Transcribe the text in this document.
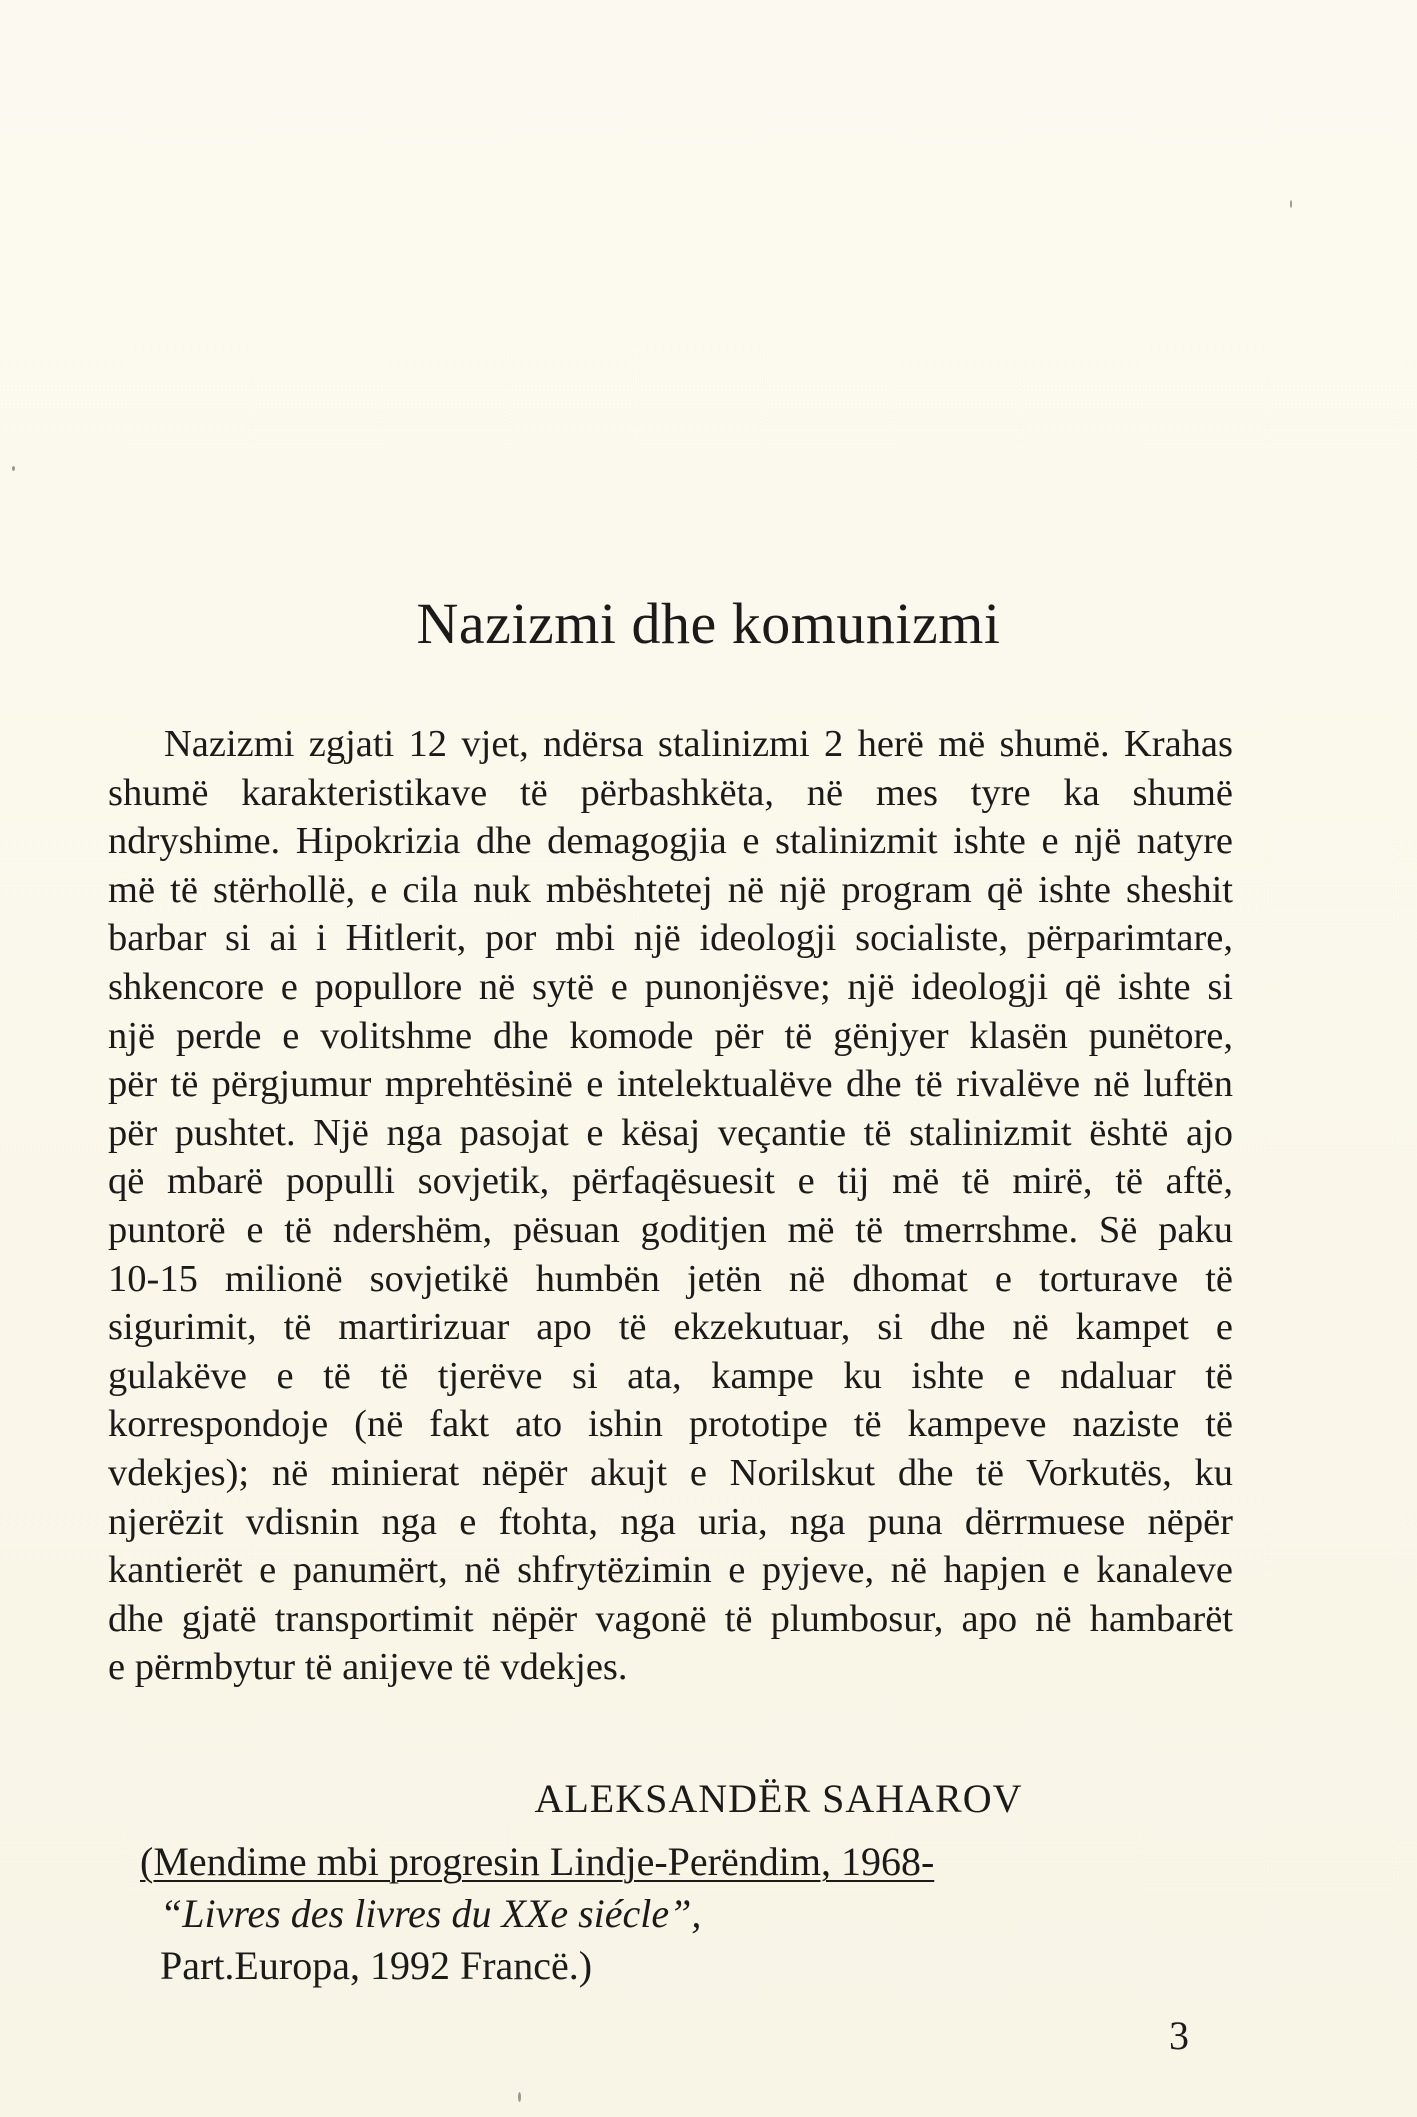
Nazizmi dhe komunizmi
Nazizmi zgjati 12 vjet, ndërsa stalinizmi 2 herë më shumë. Krahas
shumë karakteristikave të përbashkëta, në mes tyre ka shumë
ndryshime. Hipokrizia dhe demagogjia e stalinizmit ishte e një natyre
më të stërhollë, e cila nuk mbështetej në një program që ishte sheshit
barbar si ai i Hitlerit, por mbi një ideologji socialiste, përparimtare,
shkencore e popullore në sytë e punonjësve; një ideologji që ishte si
një perde e volitshme dhe komode për të gënjyer klasën punëtore,
për të përgjumur mprehtësinë e intelektualëve dhe të rivalëve në luftën
për pushtet. Një nga pasojat e kësaj veçantie të stalinizmit është ajo
që mbarë populli sovjetik, përfaqësuesit e tij më të mirë, të aftë,
puntorë e të ndershëm, pësuan goditjen më të tmerrshme. Së paku
10-15 milionë sovjetikë humbën jetën në dhomat e torturave të
sigurimit, të martirizuar apo të ekzekutuar, si dhe në kampet e
gulakëve e të të tjerëve si ata, kampe ku ishte e ndaluar të
korrespondoje (në fakt ato ishin prototipe të kampeve naziste të
vdekjes); në minierat nëpër akujt e Norilskut dhe të Vorkutës, ku
njerëzit vdisnin nga e ftohta, nga uria, nga puna dërrmuese nëpër
kantierët e panumërt, në shfrytëzimin e pyjeve, në hapjen e kanaleve
dhe gjatë transportimit nëpër vagonë të plumbosur, apo në hambarët
e përmbytur të anijeve të vdekjes.
ALEKSANDËR SAHAROV
(Mendime mbi progresin Lindje-Perëndim, 1968-
“Livres des livres du XXe siécle”,
Part.Europa, 1992 Francë.)
3
